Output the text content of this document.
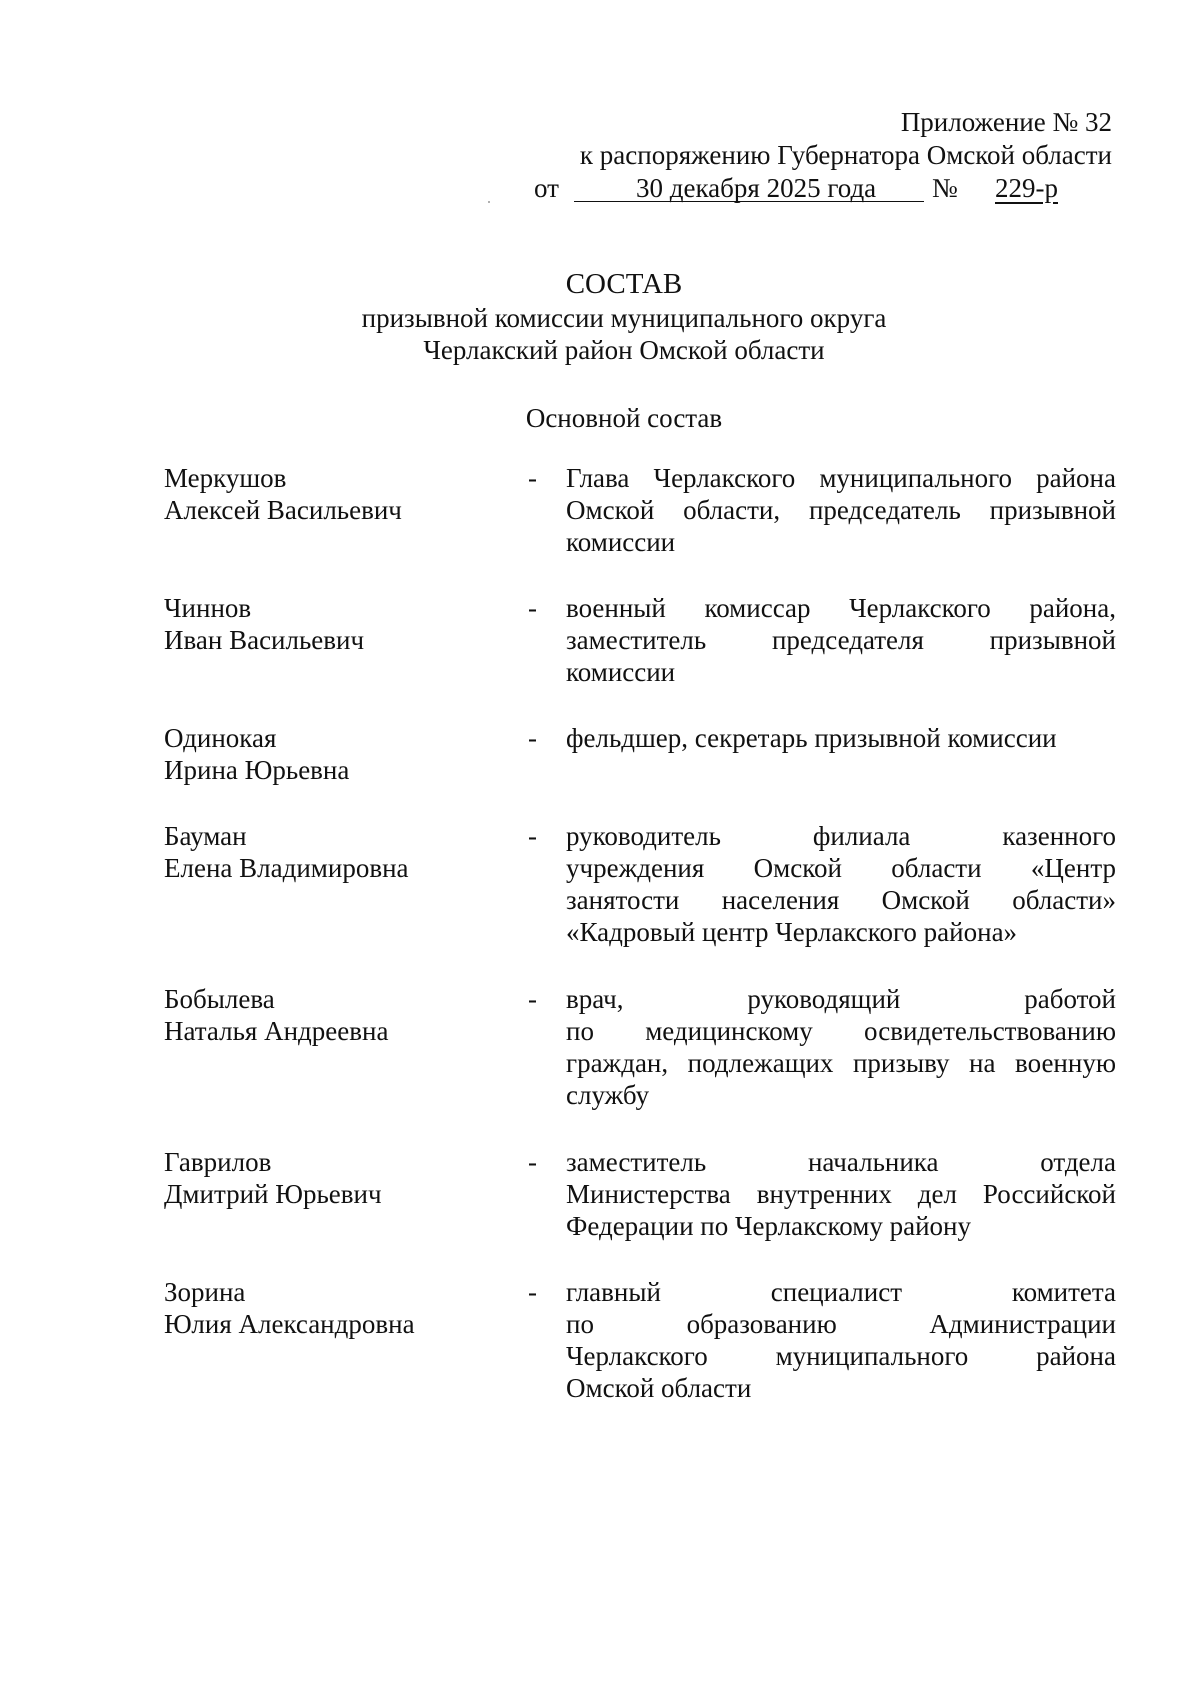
Приложение № 32
к распоряжению Губернатора Омской области
от	30 декабря 2025 года № 229-р
СОСТАВ
призывной комиссии муниципального округа
Черлакский район Омской области
Основной состав
Меркушов
Алексей Васильевич
- Глава Черлакского муниципального района
Омской области, председатель призывной
комиссии
Чиннов
Иван Васильевич
- военный комиссар Черлакского района,
заместитель председателя призывной
комиссии
Одинокая
Ирина Юрьевна
- фельдшер, секретарь призывной комиссии
Бауман
Елена Владимировна
- руководитель филиала казенного
учреждения Омской области «Центр
занятости населения Омской области»
«Кадровый центр Черлакского района»
Бобылева
Наталья Андреевна
- врач, руководящий работой
по медицинскому освидетельствованию
граждан, подлежащих призыву на военную
службу
Гаврилов
Дмитрий Юрьевич
- заместитель начальника отдела
Министерства внутренних дел Российской
Федерации по Черлакскому району
Зорина
Юлия Александровна
- главный специалист комитета
по образованию Администрации
Черлакского муниципального района
Омской области
